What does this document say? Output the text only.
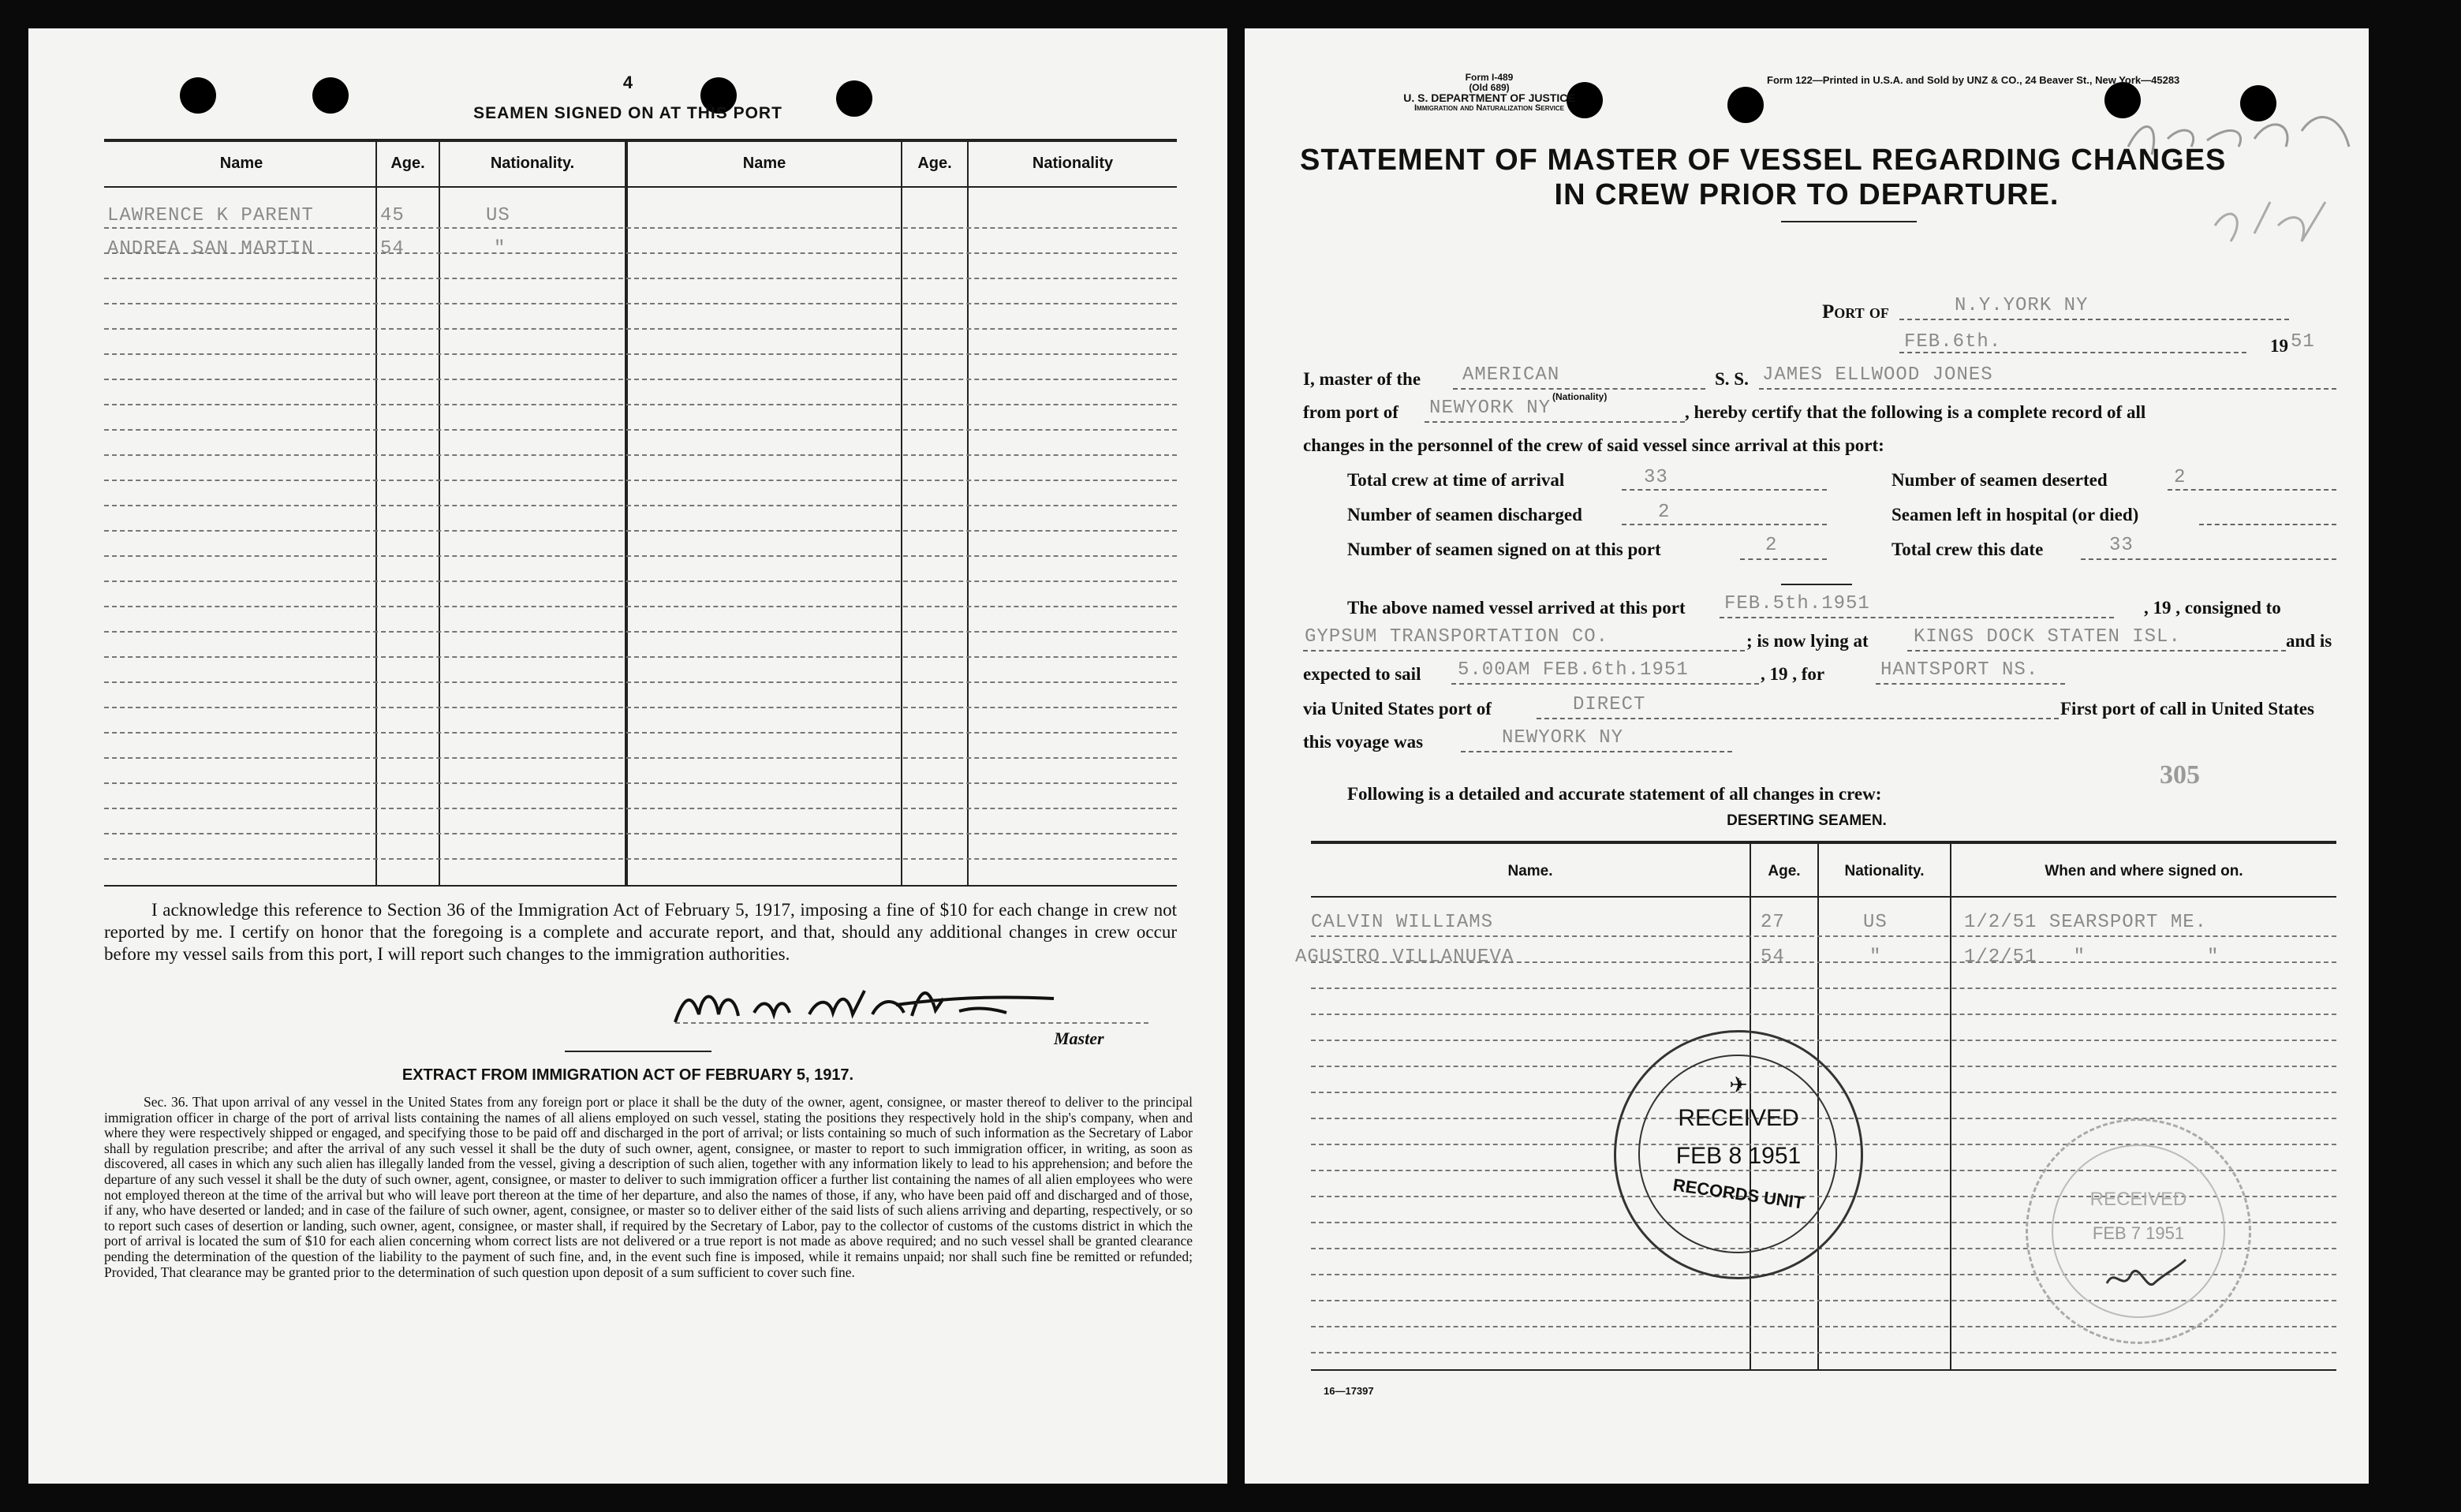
4
SEAMEN SIGNED ON AT THIS PORT
Name	Age.	Nationality.	Name	Age.	Nationality
LAWRENCE K PARENT	45	US
ANDREA SAN MARTIN	54	"
I acknowledge this reference to Section 36 of the Immigration Act of February 5, 1917, imposing a fine of $10 for each change in crew not reported by me. I certify on honor that the foregoing is a complete and accurate report, and that, should any additional changes in crew occur before my vessel sails from this port, I will report such changes to the immigration authorities.
Master
EXTRACT FROM IMMIGRATION ACT OF FEBRUARY 5, 1917.
Sec. 36. That upon arrival of any vessel in the United States from any foreign port or place it shall be the duty of the owner, agent, consignee, or master thereof to deliver to the principal immigration officer in charge of the port of arrival lists containing the names of all aliens employed on such vessel, stating the positions they respectively hold in the ship's company, when and where they were respectively shipped or engaged, and specifying those to be paid off and discharged in the port of arrival; or lists containing so much of such information as the Secretary of Labor shall by regulation prescribe; and after the arrival of any such vessel it shall be the duty of such owner, agent, consignee, or master to report to such immigration officer, in writing, as soon as discovered, all cases in which any such alien has illegally landed from the vessel, giving a description of such alien, together with any information likely to lead to his apprehension; and before the departure of any such vessel it shall be the duty of such owner, agent, consignee, or master to deliver to such immigration officer a further list containing the names of all alien employees who were not employed thereon at the time of the arrival but who will leave port thereon at the time of her departure, and also the names of those, if any, who have been paid off and discharged and of those, if any, who have deserted or landed; and in case of the failure of such owner, agent, consignee, or master so to deliver either of the said lists of such aliens arriving and departing, respectively, or so to report such cases of desertion or landing, such owner, agent, consignee, or master shall, if required by the Secretary of Labor, pay to the collector of customs of the customs district in which the port of arrival is located the sum of $10 for each alien concerning whom correct lists are not delivered or a true report is not made as above required; and no such vessel shall be granted clearance pending the determination of the question of the liability to the payment of such fine, and, in the event such fine is imposed, while it remains unpaid; nor shall such fine be remitted or refunded; Provided, That clearance may be granted prior to the determination of such question upon deposit of a sum sufficient to cover such fine.
Form I-489
(Old 689)
U. S. DEPARTMENT OF JUSTICE
Immigration and Naturalization Service
Form 122—Printed in U.S.A. and Sold by UNZ & CO., 24 Beaver St., New York—45283
STATEMENT OF MASTER OF VESSEL REGARDING CHANGES
IN CREW PRIOR TO DEPARTURE.
Port of	N.Y.YORK NY
FEB.6th.	19 51
I, master of the AMERICAN
(Nationality)
S. S. JAMES ELLWOOD JONES
from port of NEWYORK NY	, hereby certify that the following is a complete record of all
changes in the personnel of the crew of said vessel since arrival at this port:
Total crew at time of arrival	33	Number of seamen deserted	2
Number of seamen discharged	2	Seamen left in hospital (or died)
Number of seamen signed on at this port	2	Total crew this date	33
The above named vessel arrived at this port FEB.5th.1951	, 19 , consigned to
GYPSUM TRANSPORTATION CO.	; is now lying at KINGS DOCK STATEN ISL.	and is
expected to sail 5.00AM FEB.6th.1951	, 19 , for	HANTSPORT NS.
via United States port of	DIRECT	First port of call in United States
this voyage was	NEWYORK NY
305
Following is a detailed and accurate statement of all changes in crew:
DESERTING SEAMEN.
Name.	Age.	Nationality.	When and where signed on.
CALVIN WILLIAMS	27	US	1/2/51 SEARSPORT ME.
AGUSTRO VILLANUEVA	54	"	1/2/51   "          "
✈
RECEIVED
FEB 8 1951
RECORDS UNIT	RECEIVED
FEB 7 1951
16—17397
